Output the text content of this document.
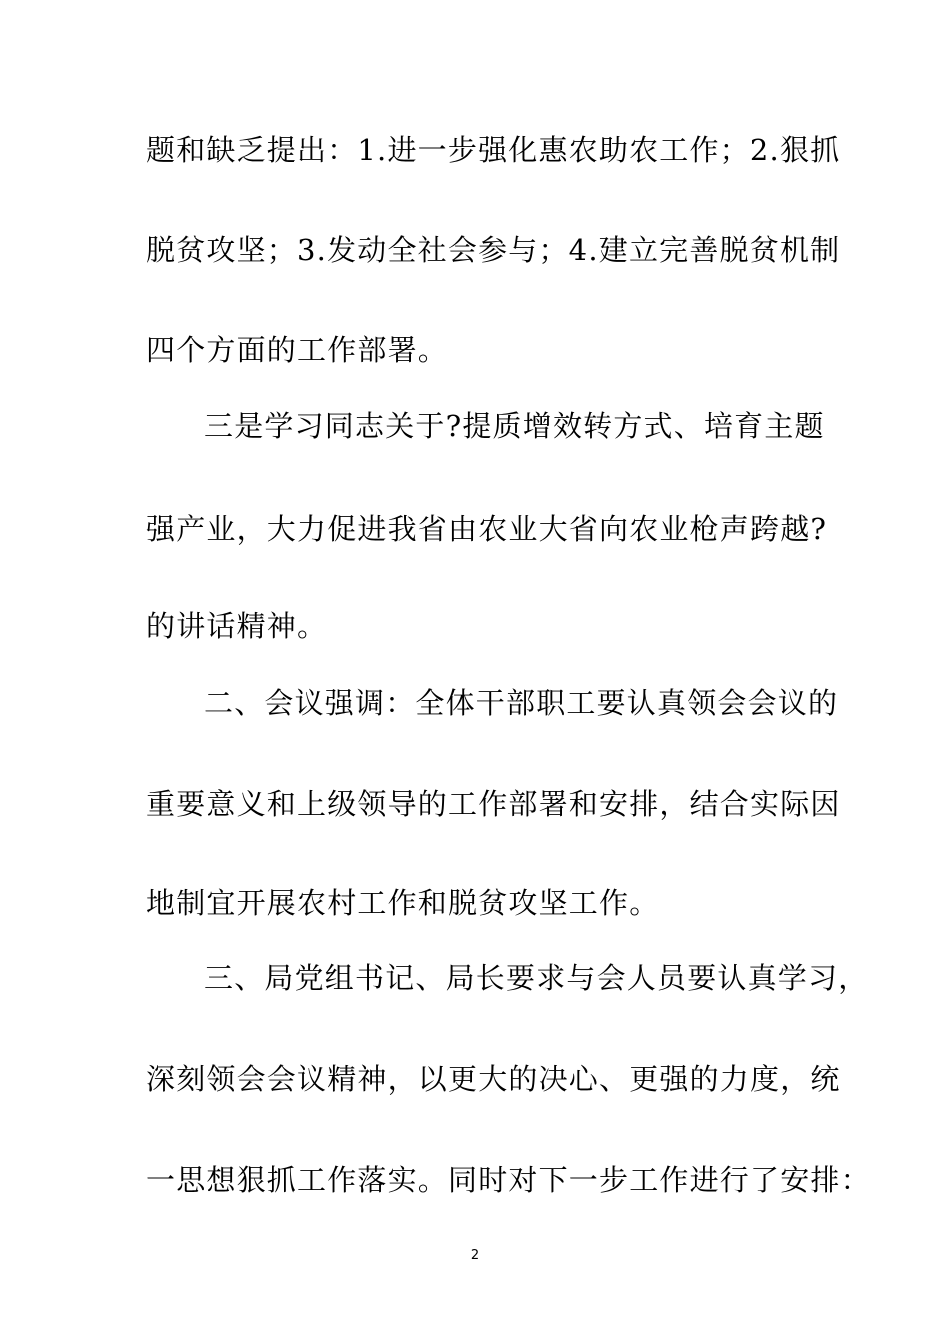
题和缺乏提出：1.进一步强化惠农助农工作；2.狠抓
脱贫攻坚；3.发动全社会参与；4.建立完善脱贫机制
四个方面的工作部署。
三是学习同志关于?提质增效转方式、培育主题
强产业，大力促进我省由农业大省向农业枪声跨越?
的讲话精神。
二、会议强调：全体干部职工要认真领会会议的
重要意义和上级领导的工作部署和安排，结合实际因
地制宜开展农村工作和脱贫攻坚工作。
三、局党组书记、局长要求与会人员要认真学习，
深刻领会会议精神，以更大的决心、更强的力度，统
一思想狠抓工作落实。同时对下一步工作进行了安排：
2
